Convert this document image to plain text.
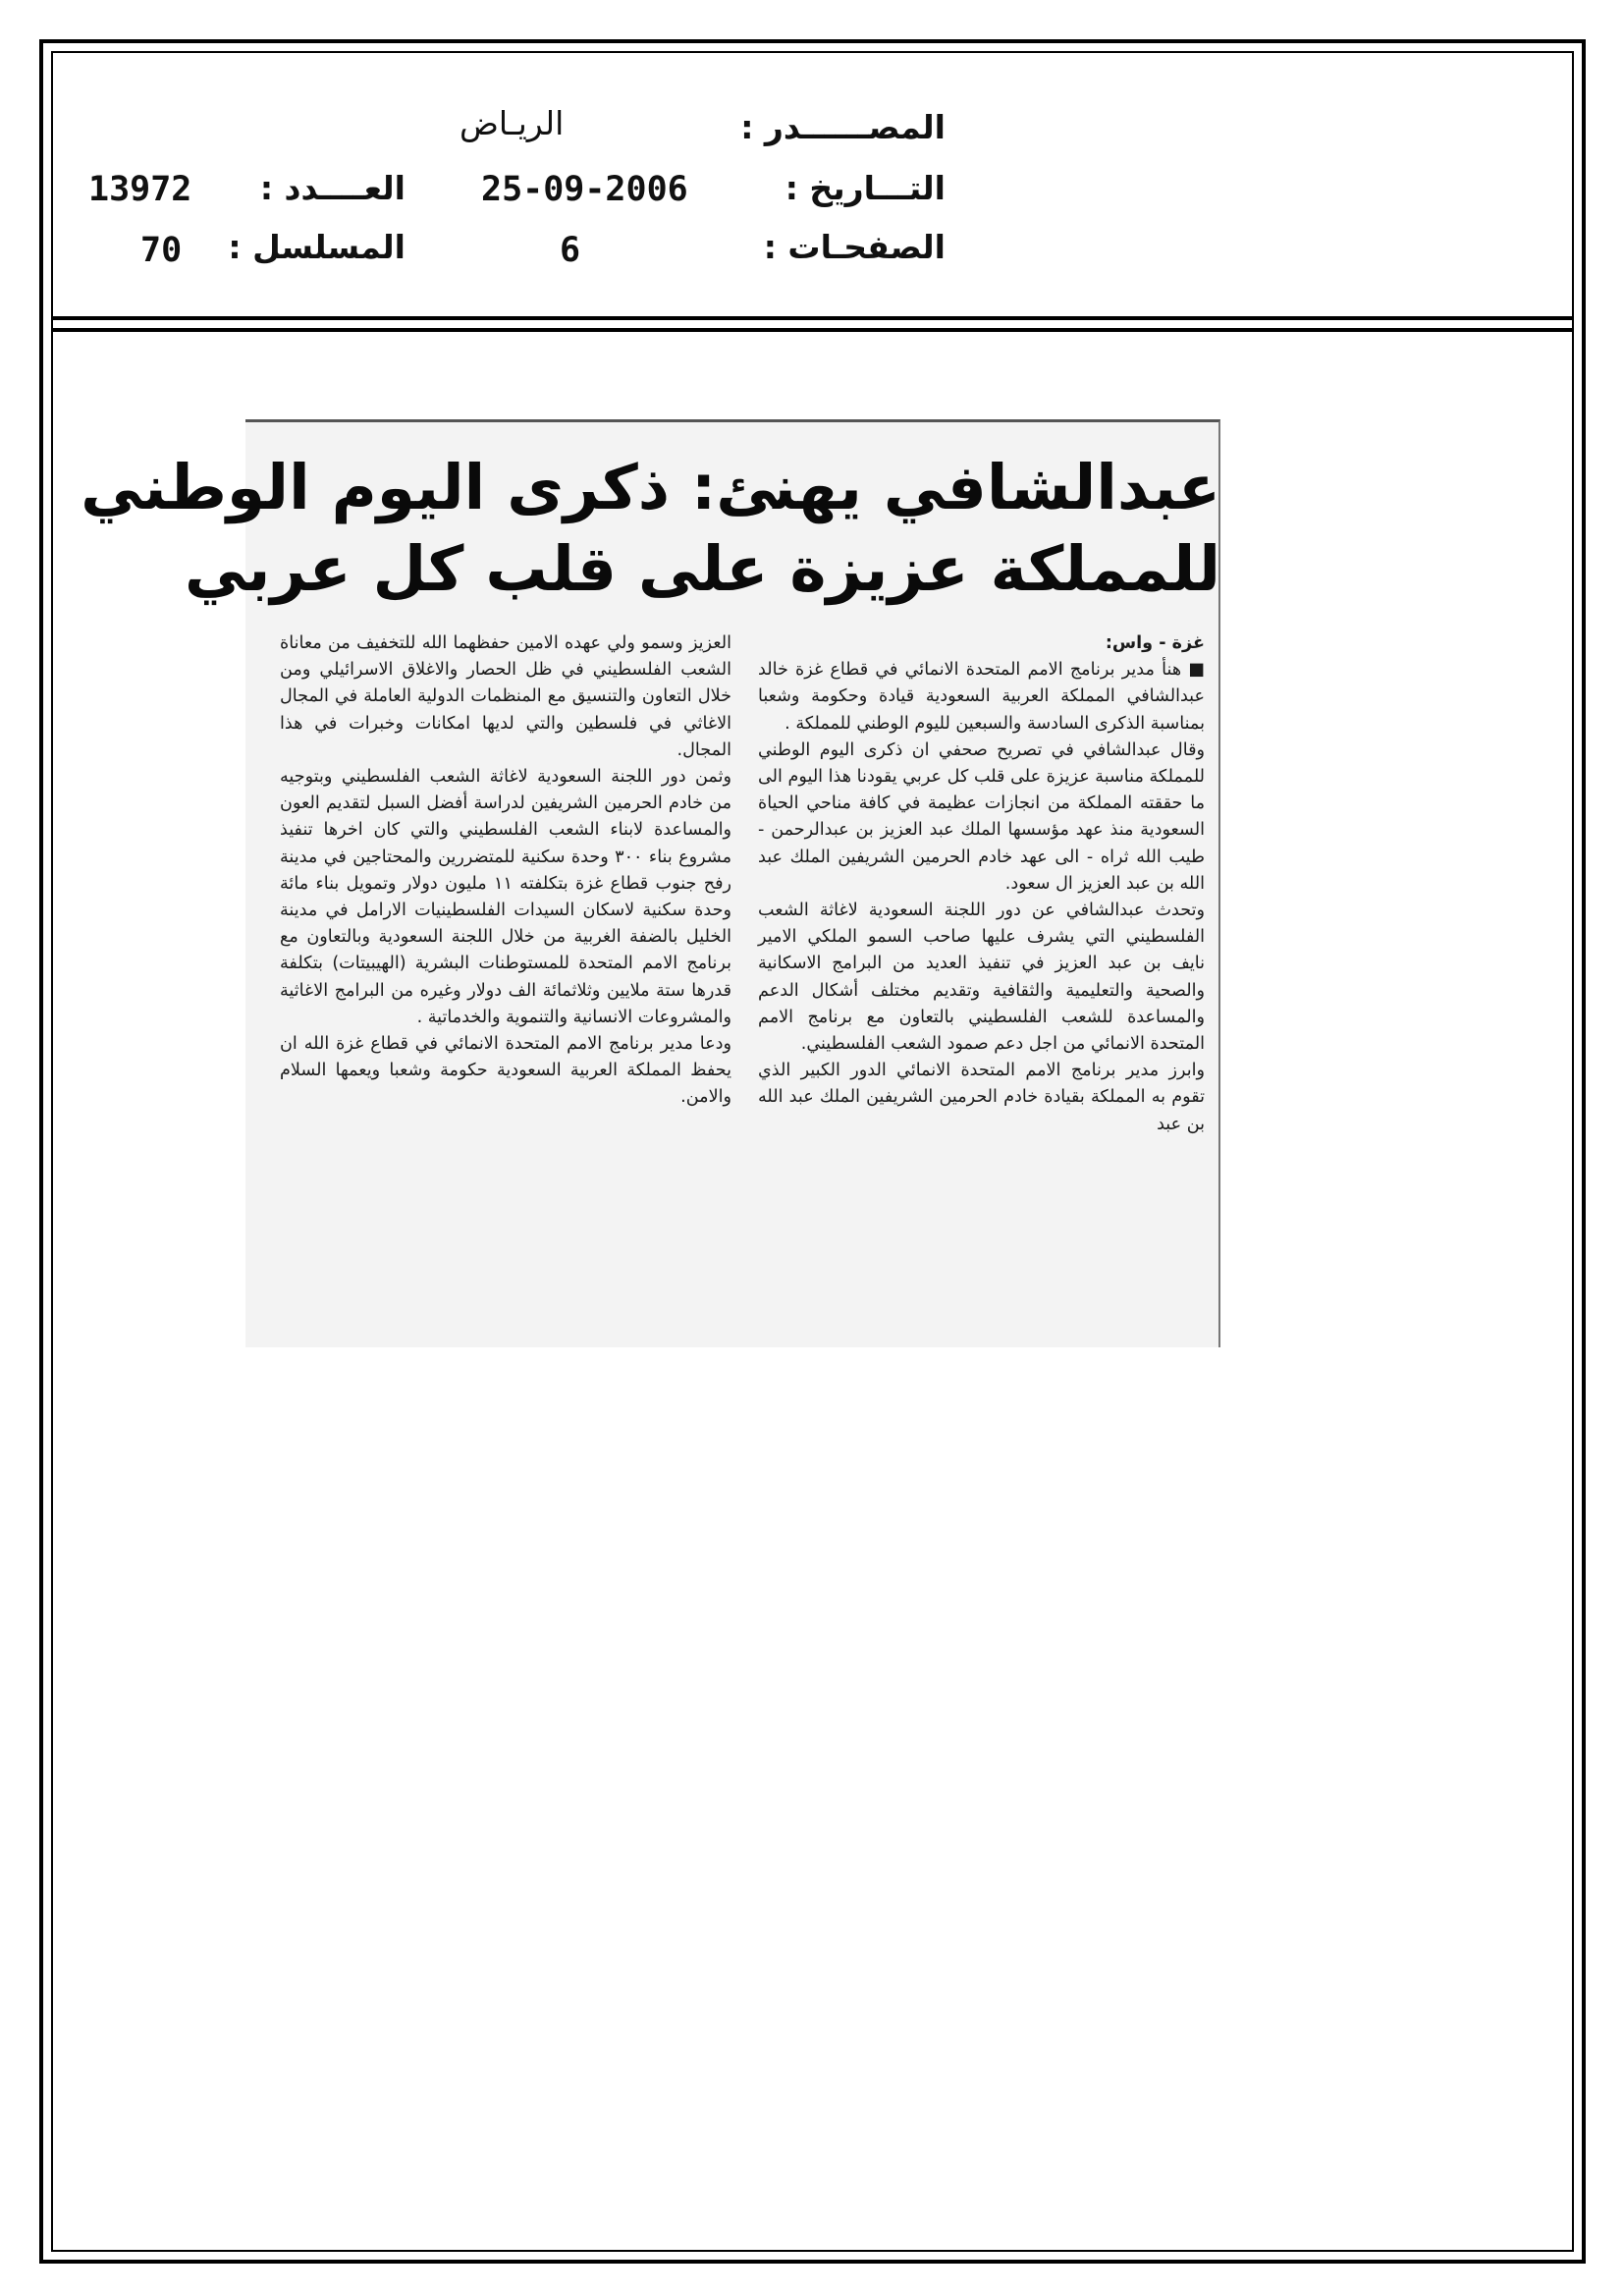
المصــــــدر :
الريـاض
التـــاريخ :
25-09-2006
العــــدد :
13972
الصفحـات :
6
المسلسل :
70
عبدالشافي يهنئ: ذكرى اليوم الوطني
للمملكة عزيزة على قلب كل عربي

غزة - واس:

■ هنأ مدير برنامج الامم المتحدة الانمائي في قطاع غزة خالد عبدالشافي المملكة العربية السعودية قيادة وحكومة وشعبا بمناسبة الذكرى السادسة والسبعين لليوم الوطني للمملكة .

وقال عبدالشافي في تصريح صحفي ان ذكرى اليوم الوطني للمملكة مناسبة عزيزة على قلب كل عربي يقودنا هذا اليوم الى ما حققته المملكة من انجازات عظيمة في كافة مناحي الحياة السعودية منذ عهد مؤسسها الملك عبد العزيز بن عبدالرحمن - طيب الله ثراه - الى عهد خادم الحرمين الشريفين الملك عبد الله بن عبد العزيز ال سعود.

وتحدث عبدالشافي عن دور اللجنة السعودية لاغاثة الشعب الفلسطيني التي يشرف عليها صاحب السمو الملكي الامير نايف بن عبد العزيز في تنفيذ العديد من البرامج الاسكانية والصحية والتعليمية والثقافية وتقديم مختلف أشكال الدعم والمساعدة للشعب الفلسطيني بالتعاون مع برنامج الامم المتحدة الانمائي من اجل دعم صمود الشعب الفلسطيني.

وابرز مدير برنامج الامم المتحدة الانمائي الدور الكبير الذي تقوم به المملكة بقيادة خادم الحرمين الشريفين الملك عبد الله بن عبد

العزيز وسمو ولي عهده الامين حفظهما الله للتخفيف من معاناة الشعب الفلسطيني في ظل الحصار والاغلاق الاسرائيلي ومن خلال التعاون والتنسيق مع المنظمات الدولية العاملة في المجال الاغاثي في فلسطين والتي لديها امكانات وخبرات في هذا المجال.

وثمن دور اللجنة السعودية لاغاثة الشعب الفلسطيني وبتوجيه من خادم الحرمين الشريفين لدراسة أفضل السبل لتقديم العون والمساعدة لابناء الشعب الفلسطيني والتي كان اخرها تنفيذ مشروع بناء ٣٠٠ وحدة سكنية للمتضررين والمحتاجين في مدينة رفح جنوب قطاع غزة بتكلفته ١١ مليون دولار وتمويل بناء مائة وحدة سكنية لاسكان السيدات الفلسطينيات الارامل في مدينة الخليل بالضفة الغربية من خلال اللجنة السعودية وبالتعاون مع برنامج الامم المتحدة للمستوطنات البشرية (الهيبيتات) بتكلفة قدرها ستة ملايين وثلاثمائة الف دولار وغيره من البرامج الاغاثية والمشروعات الانسانية والتنموية والخدماتية .

ودعا مدير برنامج الامم المتحدة الانمائي في قطاع غزة الله ان يحفظ المملكة العربية السعودية حكومة وشعبا ويعمها السلام والامن.
